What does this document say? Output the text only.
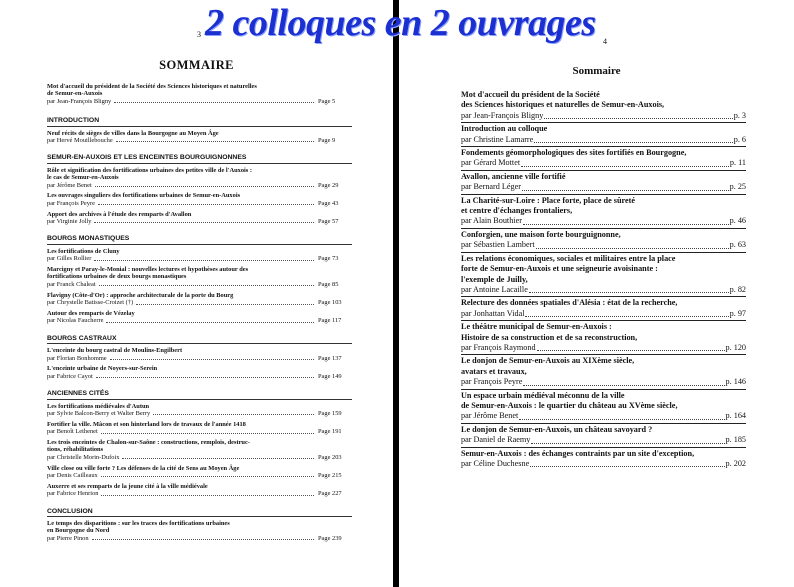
3
SOMMAIRE
Mot d'accueil du président de la Société des Sciences historiques et naturelles
de Semur-en-Auxois
par Jean-François Bligny	Page 5
INTRODUCTION
Neuf récits de sièges de villes dans la Bourgogne au Moyen Âge
par Hervé Mouillebouche	Page 9
SEMUR-EN-AUXOIS ET LES ENCEINTES BOURGUIGNONNES
Rôle et signification des fortifications urbaines des petites ville de l'Auxois :
le cas de Semur-en-Auxois
par Jérôme Benet	Page 29
Les ouvrages singuliers des fortifications urbaines de Semur-en-Auxois
par François Peyre	Page 43
Apport des archives à l'étude des remparts d'Avallon
par Virginie Jolly	Page 57
BOURGS MONASTIQUES
Les fortifications de Cluny
par Gilles Rollier	Page 73
Marcigny et Paray-le-Monial : nouvelles lectures et hypothèses autour des
fortifications urbaines de deux bourgs monastiques
par Franck Chaleat	Page 85
Flavigny (Côte-d'Or) : approche architecturale de la porte du Bourg
par Chrystelle Batisse-Croizet (†)	Page 103
Autour des remparts de Vézelay
par Nicolas Faucherre	Page 117
BOURGS CASTRAUX
L'enceinte du bourg castral de Moulins-Engilbert
par Florian Bonhomme	Page 137
L'enceinte urbaine de Noyers-sur-Serein
par Fabrice Cayot	Page 149
ANCIENNES CITÉS
Les fortifications médiévales d'Autun
par Sylvie Balcon-Berry et Walter Berry	Page 159
Fortifier la ville. Mâcon et son hinterland lors de travaux de l'année 1418
par Benoît Lethenet	Page 191
Les trois enceintes de Chalon-sur-Saône : constructions, remplois, destruc-
tions, réhabilitations
par Christelle Morin-Dufoix	Page 203
Ville close ou ville forte ? Les défenses de la cité de Sens au Moyen Âge
par Denis Cailleaux	Page 215
Auxerre et ses remparts de la jeune cité à la ville médiévale
par Fabrice Henrion	Page 227
CONCLUSION
Le temps des disparitions : sur les traces des fortifications urbaines
en Bourgogne du Nord
par Pierre Pinon	Page 239
4
Sommaire
Mot d'accueil du président de la Société
des Sciences historiques et naturelles de Semur-en-Auxois,
par Jean-François Bligny	p. 3
Introduction au colloque
par Christine Lamarre	p. 6
Fondements géomorphologiques des sites fortifiés en Bourgogne,
par Gérard Mottet	p. 11
Avallon, ancienne ville fortifié
par Bernard Léger	p. 25
La Charité-sur-Loire : Place forte, place de sûreté
et centre d'échanges frontaliers,
par Alain Bouthier	p. 46
Conforgien, une maison forte bourguignonne,
par Sébastien Lambert	p. 63
Les relations économiques, sociales et militaires entre la place
forte de Semur-en-Auxois et une seigneurie avoisinante :
l'exemple de Juilly,
par Antoine Lacaille	p. 82
Relecture des données spatiales d'Alésia : état de la recherche,
par Jonhattan Vidal	p. 97
Le théâtre municipal de Semur-en-Auxois :
Histoire de sa construction et de sa reconstruction,
par François Raymond	p. 120
Le donjon de Semur-en-Auxois au XIXème siècle,
avatars et travaux,
par François Peyre	p. 146
Un espace urbain médiéval méconnu de la ville
de Semur-en-Auxois : le quartier du château au XVème siècle,
par Jérôme Benet	p. 164
Le donjon de Semur-en-Auxois, un château savoyard ?
par Daniel de Raemy	p. 185
Semur-en-Auxois : des échanges contraints par un site d'exception,
par Céline Duchesne	p. 202
2 colloques en 2 ouvrages
